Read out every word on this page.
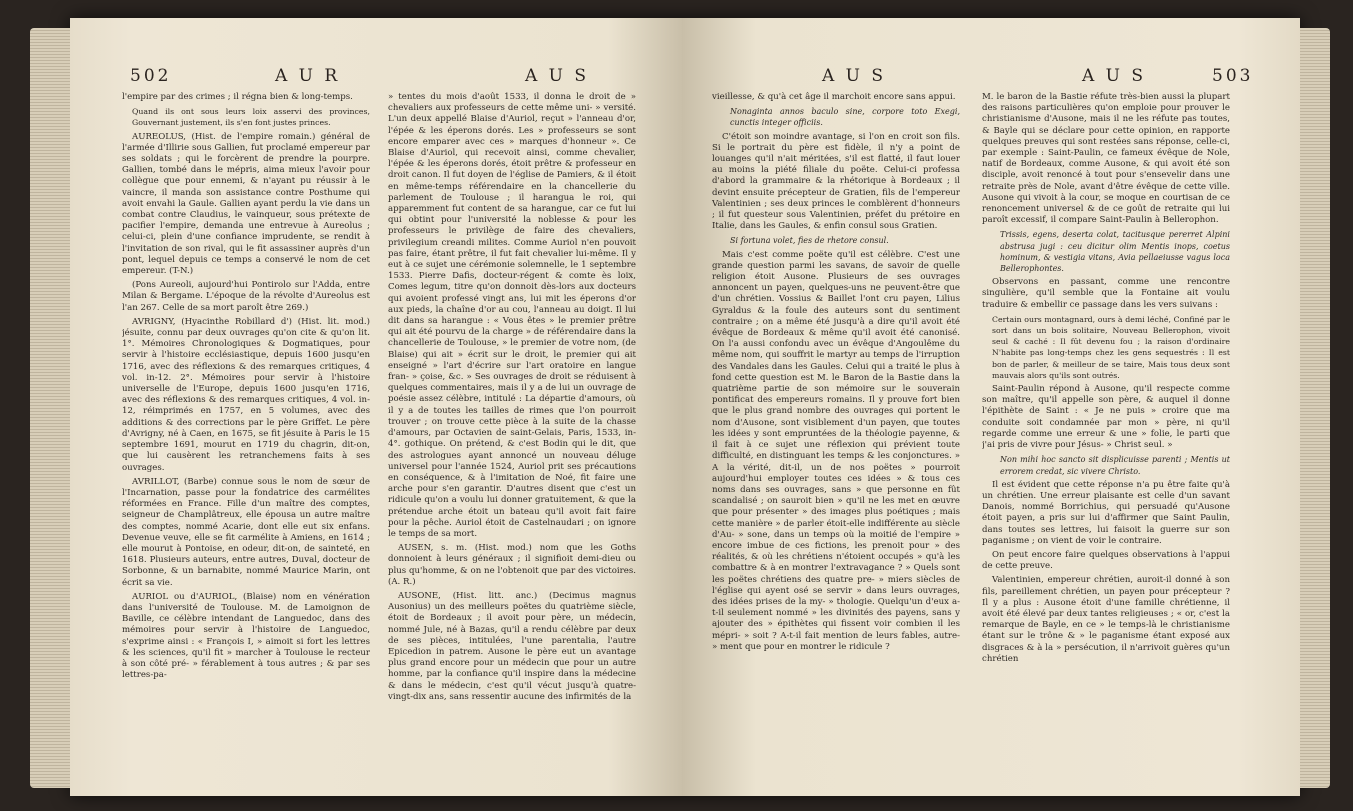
502	A U R	A U S

l'empire par des crimes ; il régna bien & long-temps.

Quand ils ont sous leurs loix asservi des provinces, Gouvernant justement, ils s'en font justes princes.

AUREOLUS, (Hist. de l'empire romain.) général de l'armée d'Illirie sous Gallien, fut proclamé empereur par ses soldats ; qui le forcèrent de prendre la pourpre. Gallien, tombé dans le mépris, aima mieux l'avoir pour collègue que pour ennemi, & n'ayant pu réussir à le vaincre, il manda son assistance contre Posthume qui avoit envahi la Gaule. Gallien ayant perdu la vie dans un combat contre Claudius, le vainqueur, sous prétexte de pacifier l'empire, demanda une entrevue à Aureolus ; celui-ci, plein d'une confiance imprudente, se rendit à l'invitation de son rival, qui le fit assassiner auprès d'un pont, lequel depuis ce temps a conservé le nom de cet empereur. (T-N.)

(Pons Aureoli, aujourd'hui Pontirolo sur l'Adda, entre Milan & Bergame. L'époque de la révolte d'Aureolus est l'an 267. Celle de sa mort paroît être 269.)

AVRIGNY, (Hyacinthe Robillard d') (Hist. lit. mod.) jésuite, connu par deux ouvrages qu'on cite & qu'on lit. 1°. Mémoires Chronologiques & Dogmatiques, pour servir à l'histoire ecclésiastique, depuis 1600 jusqu'en 1716, avec des réflexions & des remarques critiques, 4 vol. in-12. 2°. Mémoires pour servir à l'histoire universelle de l'Europe, depuis 1600 jusqu'en 1716, avec des réflexions & des remarques critiques, 4 vol. in-12, réimprimés en 1757, en 5 volumes, avec des additions & des corrections par le père Griffet. Le père d'Avrigny, né à Caen, en 1675, se fit jésuite à Paris le 15 septembre 1691, mourut en 1719 du chagrin, dit-on, que lui causèrent les retranchemens faits à ses ouvrages.

AVRILLOT, (Barbe) connue sous le nom de sœur de l'Incarnation, passe pour la fondatrice des carmélites réformées en France. Fille d'un maître des comptes, seigneur de Champlâtreux, elle épousa un autre maître des comptes, nommé Acarie, dont elle eut six enfans. Devenue veuve, elle se fit carmélite à Amiens, en 1614 ; elle mourut à Pontoise, en odeur, dit-on, de sainteté, en 1618. Plusieurs auteurs, entre autres, Duval, docteur de Sorbonne, & un barnabite, nommé Maurice Marin, ont écrit sa vie.

AURIOL ou d'AURIOL, (Blaise) nom en vénération dans l'université de Toulouse. M. de Lamoignon de Baville, ce célèbre intendant de Languedoc, dans des mémoires pour servir à l'histoire de Languedoc, s'exprime ainsi : « François I, » aimoit si fort les lettres & les sciences, qu'il fit » marcher à Toulouse le recteur à son côté pré- » férablement à tous autres ; & par ses lettres-pa-

» tentes du mois d'août 1533, il donna le droit de » chevaliers aux professeurs de cette même uni- » versité. L'un deux appellé Blaise d'Auriol, reçut » l'anneau d'or, l'épée & les éperons dorés. Les » professeurs se sont encore emparer avec ces » marques d'honneur ». Ce Blaise d'Auriol, qui recevoit ainsi, comme chevalier, l'épée & les éperons dorés, étoit prêtre & professeur en droit canon. Il fut doyen de l'église de Pamiers, & il étoit en même-temps référendaire en la chancellerie du parlement de Toulouse ; il harangua le roi, qui apparemment fut content de sa harangue, car ce fut lui qui obtint pour l'université la noblesse & pour les professeurs le privilège de faire des chevaliers, privilegium creandi milites. Comme Auriol n'en pouvoit pas faire, étant prêtre, il fut fait chevalier lui-même. Il y eut à ce sujet une cérémonie solemnelle, le 1 septembre 1533. Pierre Dafis, docteur-régent & comte ès loix, Comes legum, titre qu'on donnoit dès-lors aux docteurs qui avoient professé vingt ans, lui mit les éperons d'or aux pieds, la chaîne d'or au cou, l'anneau au doigt. Il lui dit dans sa harangue : « Vous êtes » le premier prêtre qui ait été pourvu de la charge » de référendaire dans la chancellerie de Toulouse, » le premier de votre nom, (de Blaise) qui ait » écrit sur le droit, le premier qui ait enseigné » l'art d'écrire sur l'art oratoire en langue fran- » çoise, &c. » Ses ouvrages de droit se réduisent à quelques commentaires, mais il y a de lui un ouvrage de poésie assez célèbre, intitulé : La départie d'amours, où il y a de toutes les tailles de rimes que l'on pourroit trouver ; on trouve cette pièce à la suite de la chasse d'amours, par Octavien de saint-Gelais, Paris, 1533, in-4°. gothique. On prétend, & c'est Bodin qui le dit, que des astrologues ayant annoncé un nouveau déluge universel pour l'année 1524, Auriol prit ses précautions en conséquence, & à l'imitation de Noé, fit faire une arche pour s'en garantir. D'autres disent que c'est un ridicule qu'on a voulu lui donner gratuitement, & que la prétendue arche étoit un bateau qu'il avoit fait faire pour la pêche. Auriol étoit de Castelnaudari ; on ignore le temps de sa mort.

AUSEN, s. m. (Hist. mod.) nom que les Goths donnoient à leurs généraux ; il signifioit demi-dieu ou plus qu'homme, & on ne l'obtenoit que par des victoires. (A. R.)

AUSONE, (Hist. litt. anc.) (Decimus magnus Ausonius) un des meilleurs poëtes du quatrième siècle, étoit de Bordeaux ; il avoit pour père, un médecin, nommé Jule, né à Bazas, qu'il a rendu célèbre par deux de ses pièces, intitulées, l'une parentalia, l'autre Epicedion in patrem. Ausone le père eut un avantage plus grand encore pour un médecin que pour un autre homme, par la confiance qu'il inspire dans la médecine & dans le médecin, c'est qu'il vécut jusqu'à quatre-vingt-dix ans, sans ressentir aucune des infirmités de la

A U S	A U S	503

vieillesse, & qu'à cet âge il marchoit encore sans appui.

Nonaginta annos baculo sine, corpore toto Exegi, cunctis integer officiis.

C'étoit son moindre avantage, si l'on en croit son fils. Si le portrait du père est fidèle, il n'y a point de louanges qu'il n'ait méritées, s'il est flatté, il faut louer au moins la piété filiale du poëte. Celui-ci professa d'abord la grammaire & la rhétorique à Bordeaux ; il devint ensuite précepteur de Gratien, fils de l'empereur Valentinien ; ses deux princes le comblèrent d'honneurs ; il fut questeur sous Valentinien, préfet du prétoire en Italie, dans les Gaules, & enfin consul sous Gratien.

Si fortuna volet, fies de rhetore consul.

Mais c'est comme poëte qu'il est célèbre. C'est une grande question parmi les savans, de savoir de quelle religion étoit Ausone. Plusieurs de ses ouvrages annoncent un payen, quelques-uns ne peuvent-être que d'un chrétien. Vossius & Baillet l'ont cru payen, Lilius Gyraldus & la foule des auteurs sont du sentiment contraire ; on a même été jusqu'à a dire qu'il avoit été évêque de Bordeaux & même qu'il avoit été canonisé. On l'a aussi confondu avec un évêque d'Angoulême du même nom, qui souffrit le martyr au temps de l'irruption des Vandales dans les Gaules. Celui qui a traité le plus à fond cette question est M. le Baron de la Bastie dans la quatrième partie de son mémoire sur le souverain pontificat des empereurs romains. Il y prouve fort bien que le plus grand nombre des ouvrages qui portent le nom d'Ausone, sont visiblement d'un payen, que toutes les idées y sont empruntées de la théologie payenne, & il fait à ce sujet une réflexion qui prévient toute difficulté, en distinguant les temps & les conjonctures. » A la vérité, dit-il, un de nos poëtes » pourroit aujourd'hui employer toutes ces idées » & tous ces noms dans ses ouvrages, sans » que personne en fût scandalisé ; on sauroit bien » qu'il ne les met en œuvre que pour présenter » des images plus poétiques ; mais cette manière » de parler étoit-elle indifférente au siècle d'Au- » sone, dans un temps où la moitié de l'empire » encore imbue de ces fictions, les prenoit pour » des réalités, & où les chrétiens n'étoient occupés » qu'à les combattre & à en montrer l'extravagance ? » Quels sont les poëtes chrétiens des quatre pre- » miers siècles de l'église qui ayent osé se servir » dans leurs ouvrages, des idées prises de la my- » thologie. Quelqu'un d'eux a-t-il seulement nommé » les divinités des payens, sans y ajouter des » épithètes qui fissent voir combien il les mépri- » soit ? A-t-il fait mention de leurs fables, autre- » ment que pour en montrer le ridicule ?

M. le baron de la Bastie réfute très-bien aussi la plupart des raisons particulières qu'on emploie pour prouver le christianisme d'Ausone, mais il ne les réfute pas toutes, & Bayle qui se déclare pour cette opinion, en rapporte quelques preuves qui sont restées sans réponse, celle-ci, par exemple : Saint-Paulin, ce fameux évêque de Nole, natif de Bordeaux, comme Ausone, & qui avoit été son disciple, avoit renoncé à tout pour s'ensevelir dans une retraite près de Nole, avant d'être évêque de cette ville. Ausone qui vivoit à la cour, se moque en courtisan de ce renoncement universel & de ce goût de retraite qui lui paroît excessif, il compare Saint-Paulin à Bellerophon.

Trissis, egens, deserta colat, tacitusque pererret Alpini abstrusa jugi : ceu dicitur olim Mentis inops, coetus hominum, & vestigia vitans, Avia pellaeiusse vagus loca Bellerophontes.

Observons en passant, comme une rencontre singulière, qu'il semble que la Fontaine ait voulu traduire & embellir ce passage dans les vers suivans :

Certain ours montagnard, ours à demi léché, Confiné par le sort dans un bois solitaire, Nouveau Bellerophon, vivoit seul & caché : Il fût devenu fou ; la raison d'ordinaire N'habite pas long-temps chez les gens sequestrés : Il est bon de parler, & meilleur de se taire, Mais tous deux sont mauvais alors qu'ils sont outrés.

Saint-Paulin répond à Ausone, qu'il respecte comme son maître, qu'il appelle son père, & auquel il donne l'épithète de Saint : « Je ne puis » croire que ma conduite soit condamnée par mon » père, ni qu'il regarde comme une erreur & une » folie, le parti que j'ai pris de vivre pour Jésus- » Christ seul. »

Non mihi hoc sancto sit displicuisse parenti ; Mentis ut errorem credat, sic vivere Christo.

Il est évident que cette réponse n'a pu être faite qu'à un chrétien. Une erreur plaisante est celle d'un savant Danois, nommé Borrichius, qui persuadé qu'Ausone étoit payen, a pris sur lui d'affirmer que Saint Paulin, dans toutes ses lettres, lui faisoit la guerre sur son paganisme ; on vient de voir le contraire.

On peut encore faire quelques observations à l'appui de cette preuve.

Valentinien, empereur chrétien, auroit-il donné à son fils, pareillement chrétien, un payen pour précepteur ? Il y a plus : Ausone étoit d'une famille chrétienne, il avoit été élevé par deux tantes religieuses ; « or, c'est la remarque de Bayle, en ce » le temps-là le christianisme étant sur le trône & » le paganisme étant exposé aux disgraces & à la » persécution, il n'arrivoit guères qu'un chrétien
